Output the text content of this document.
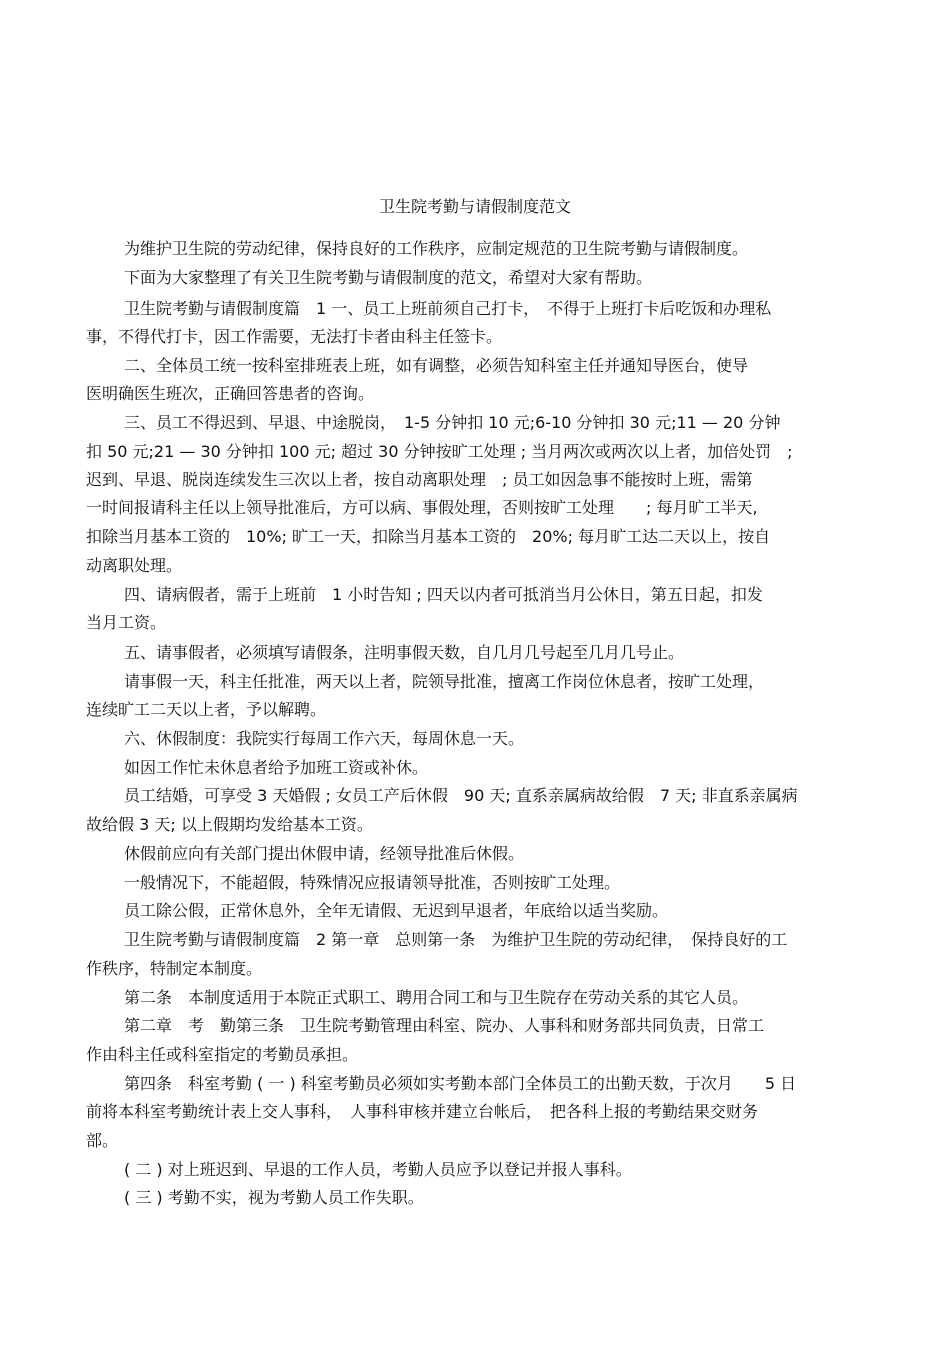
卫生院考勤与请假制度范文
为维护卫生院的劳动纪律，保持良好的工作秩序，应制定规范的卫生院考勤与请假制度。
下面为大家整理了有关卫生院考勤与请假制度的范文，希望对大家有帮助。
卫生院考勤与请假制度篇　1 一、员工上班前须自己打卡，　不得于上班打卡后吃饭和办理私
事，不得代打卡，因工作需要，无法打卡者由科主任签卡。
二、全体员工统一按科室排班表上班，如有调整，必须告知科室主任并通知导医台，使导
医明确医生班次，正确回答患者的咨询。
三、员工不得迟到、早退、中途脱岗，　1-5 分钟扣 10 元;6-10 分钟扣 30 元;11 — 20 分钟
扣 50 元;21 — 30 分钟扣 100 元; 超过 30 分钟按旷工处理 ; 当月两次或两次以上者，加倍处罚　;
迟到、早退、脱岗连续发生三次以上者，按自动离职处理　; 员工如因急事不能按时上班，需第
一时间报请科主任以上领导批准后，方可以病、事假处理，否则按旷工处理　　; 每月旷工半天,
扣除当月基本工资的　10%; 旷工一天，扣除当月基本工资的　20%; 每月旷工达二天以上，按自
动离职处理。
四、请病假者，需于上班前　1 小时告知 ; 四天以内者可抵消当月公休日，第五日起，扣发
当月工资。
五、请事假者，必须填写请假条，注明事假天数，自几月几号起至几月几号止。
请事假一天，科主任批准，两天以上者，院领导批准，擅离工作岗位休息者，按旷工处理，
连续旷工二天以上者，予以解聘。
六、休假制度：我院实行每周工作六天，每周休息一天。
如因工作忙未休息者给予加班工资或补休。
员工结婚，可享受 3 天婚假 ; 女员工产后休假　90 天; 直系亲属病故给假　7 天; 非直系亲属病
故给假 3 天; 以上假期均发给基本工资。
休假前应向有关部门提出休假申请，经领导批准后休假。
一般情况下，不能超假，特殊情况应报请领导批准，否则按旷工处理。
员工除公假，正常休息外，全年无请假、无迟到早退者，年底给以适当奖励。
卫生院考勤与请假制度篇　2 第一章　总则第一条　为维护卫生院的劳动纪律，　保持良好的工
作秩序，特制定本制度。
第二条　本制度适用于本院正式职工、聘用合同工和与卫生院存在劳动关系的其它人员。
第二章　考　勤第三条　卫生院考勤管理由科室、院办、人事科和财务部共同负责，日常工
作由科主任或科室指定的考勤员承担。
第四条　科室考勤 ( 一 ) 科室考勤员必须如实考勤本部门全体员工的出勤天数，于次月　　5 日
前将本科室考勤统计表上交人事科，　人事科审核并建立台帐后，　把各科上报的考勤结果交财务
部。
( 二 ) 对上班迟到、早退的工作人员，考勤人员应予以登记并报人事科。
( 三 ) 考勤不实，视为考勤人员工作失职。
